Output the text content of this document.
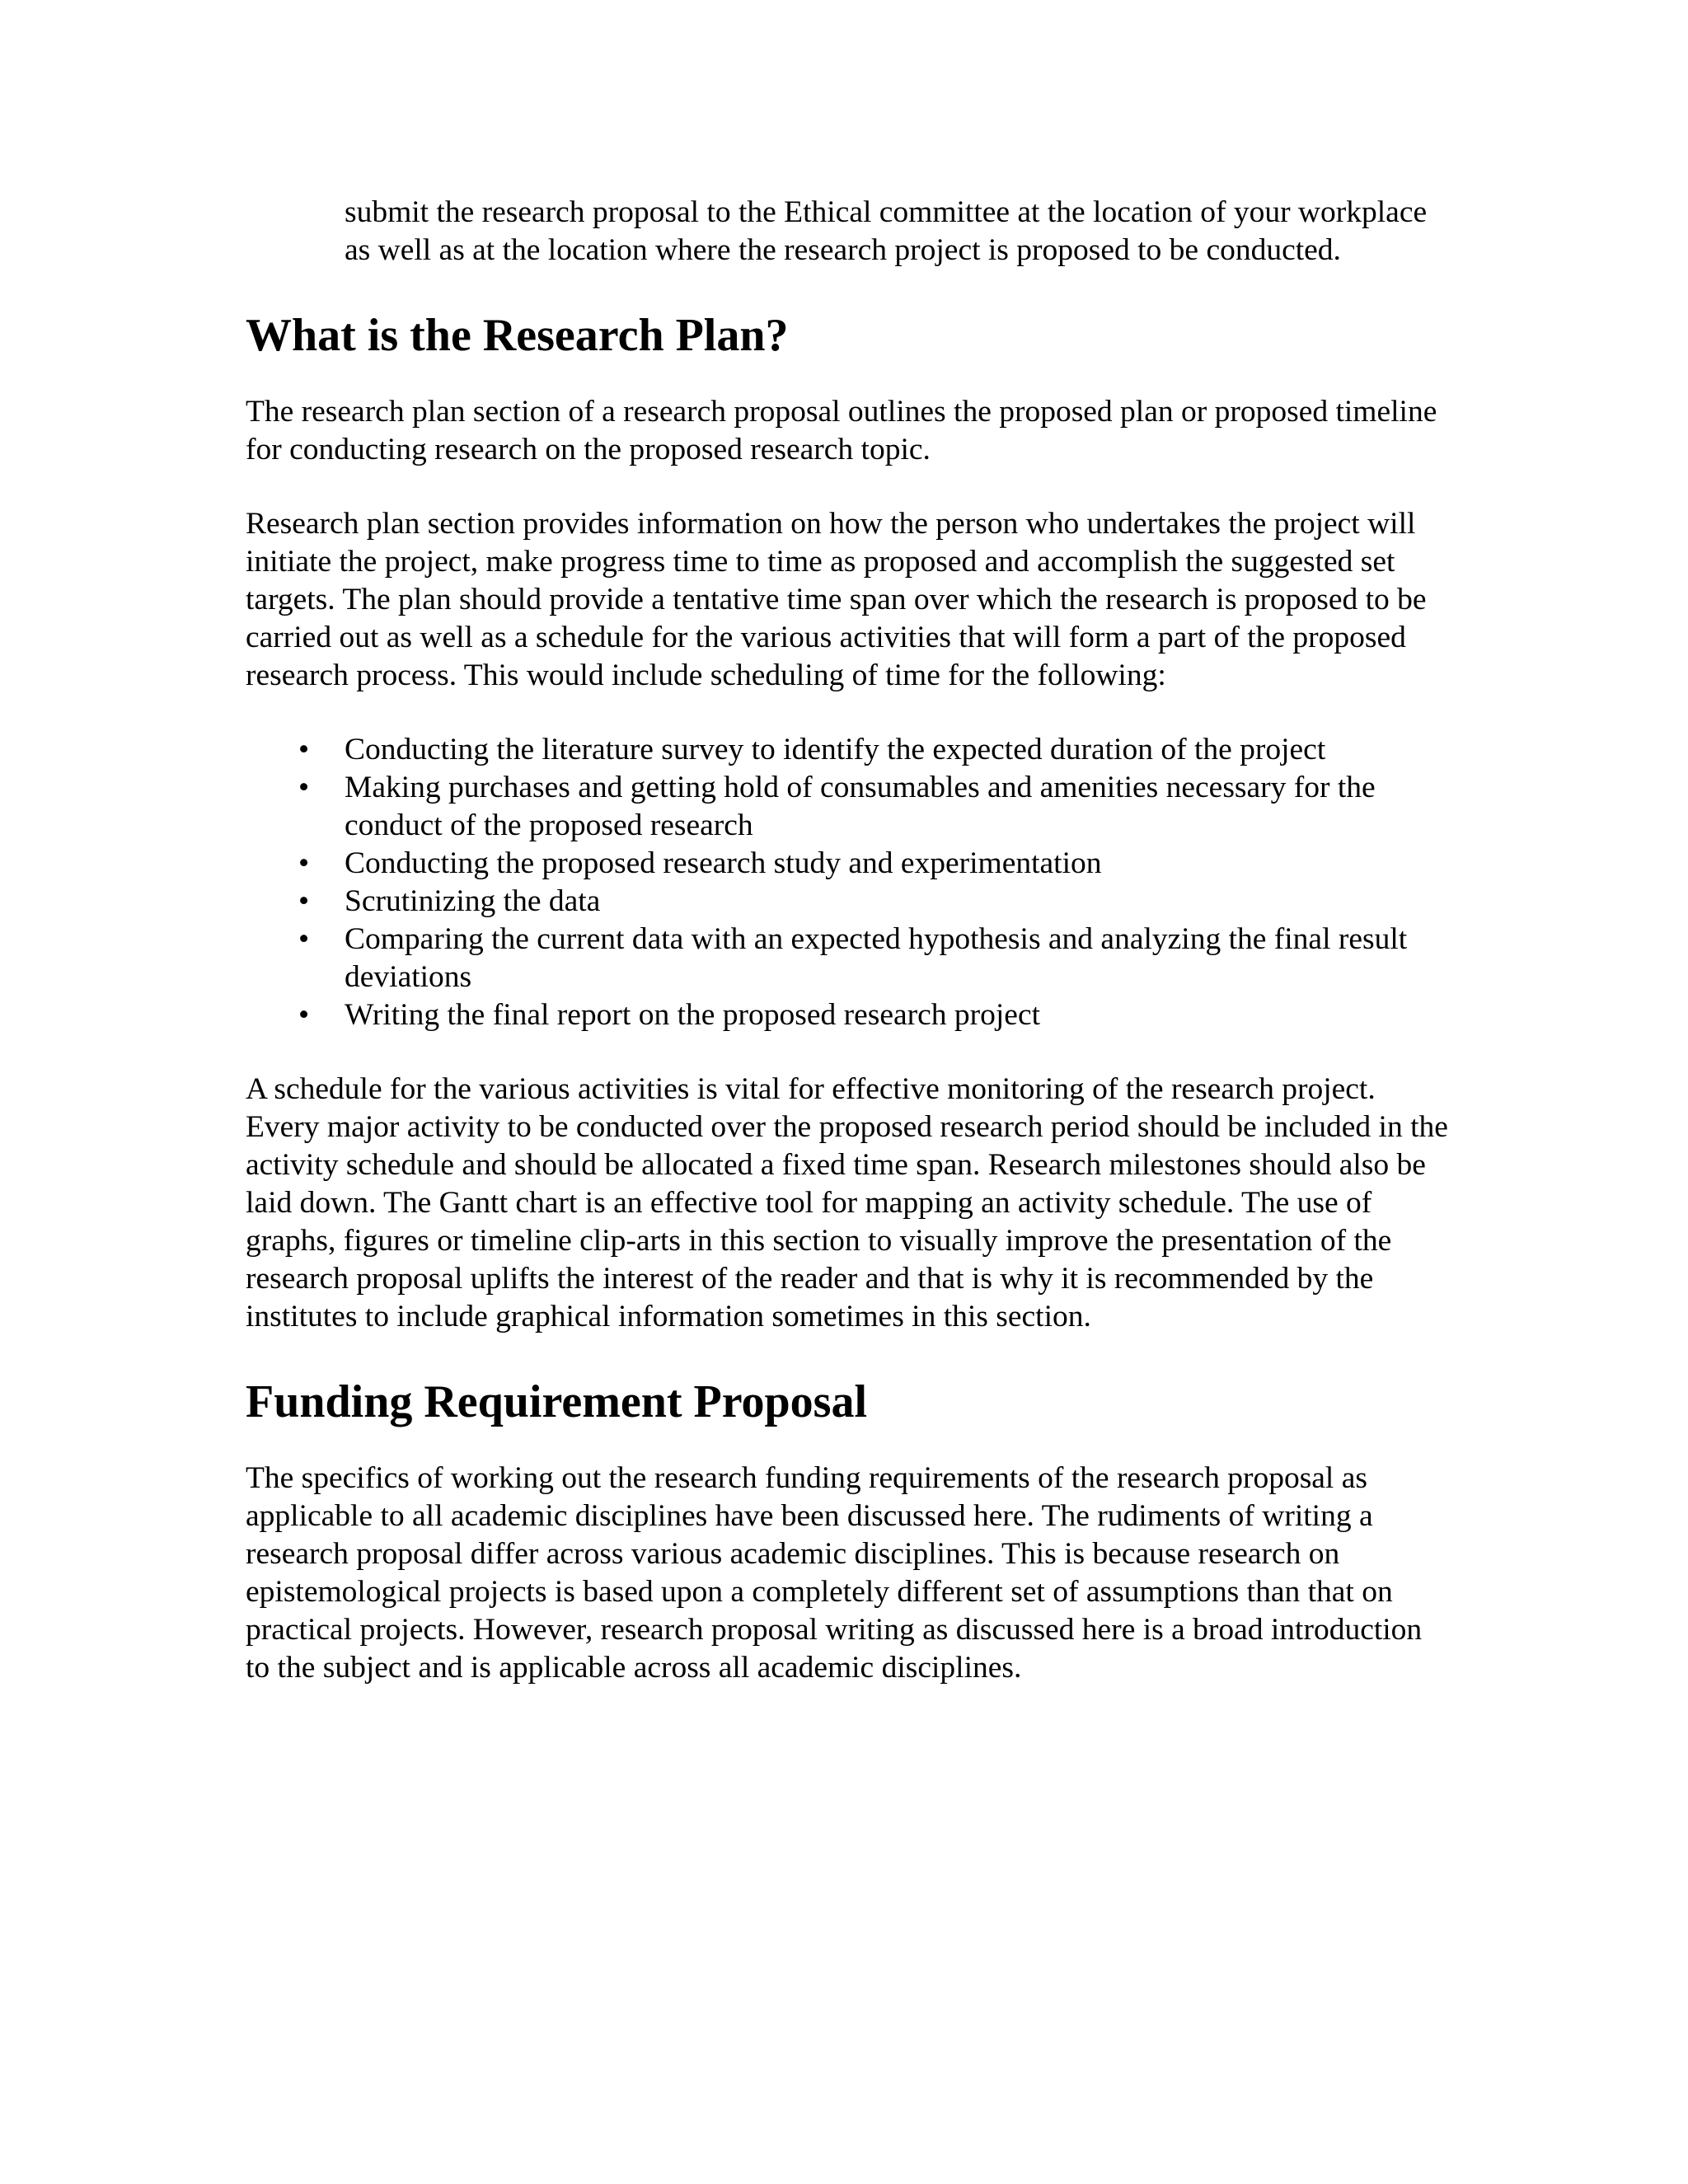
submit the research proposal to the Ethical committee at the location of your workplace as well as at the location where the research project is proposed to be conducted.

What is the Research Plan?

The research plan section of a research proposal outlines the proposed plan or proposed timeline for conducting research on the proposed research topic.

Research plan section provides information on how the person who undertakes the project will initiate the project, make progress time to time as proposed and accomplish the suggested set targets. The plan should provide a tentative time span over which the research is proposed to be carried out as well as a schedule for the various activities that will form a part of the proposed research process. This would include scheduling of time for the following:

• Conducting the literature survey to identify the expected duration of the project
• Making purchases and getting hold of consumables and amenities necessary for the conduct of the proposed research
• Conducting the proposed research study and experimentation
• Scrutinizing the data
• Comparing the current data with an expected hypothesis and analyzing the final result deviations
• Writing the final report on the proposed research project

A schedule for the various activities is vital for effective monitoring of the research project. Every major activity to be conducted over the proposed research period should be included in the activity schedule and should be allocated a fixed time span. Research milestones should also be laid down. The Gantt chart is an effective tool for mapping an activity schedule. The use of graphs, figures or timeline clip-arts in this section to visually improve the presentation of the research proposal uplifts the interest of the reader and that is why it is recommended by the institutes to include graphical information sometimes in this section.

Funding Requirement Proposal

The specifics of working out the research funding requirements of the research proposal as applicable to all academic disciplines have been discussed here. The rudiments of writing a research proposal differ across various academic disciplines. This is because research on epistemological projects is based upon a completely different set of assumptions than that on practical projects. However, research proposal writing as discussed here is a broad introduction to the subject and is applicable across all academic disciplines.
